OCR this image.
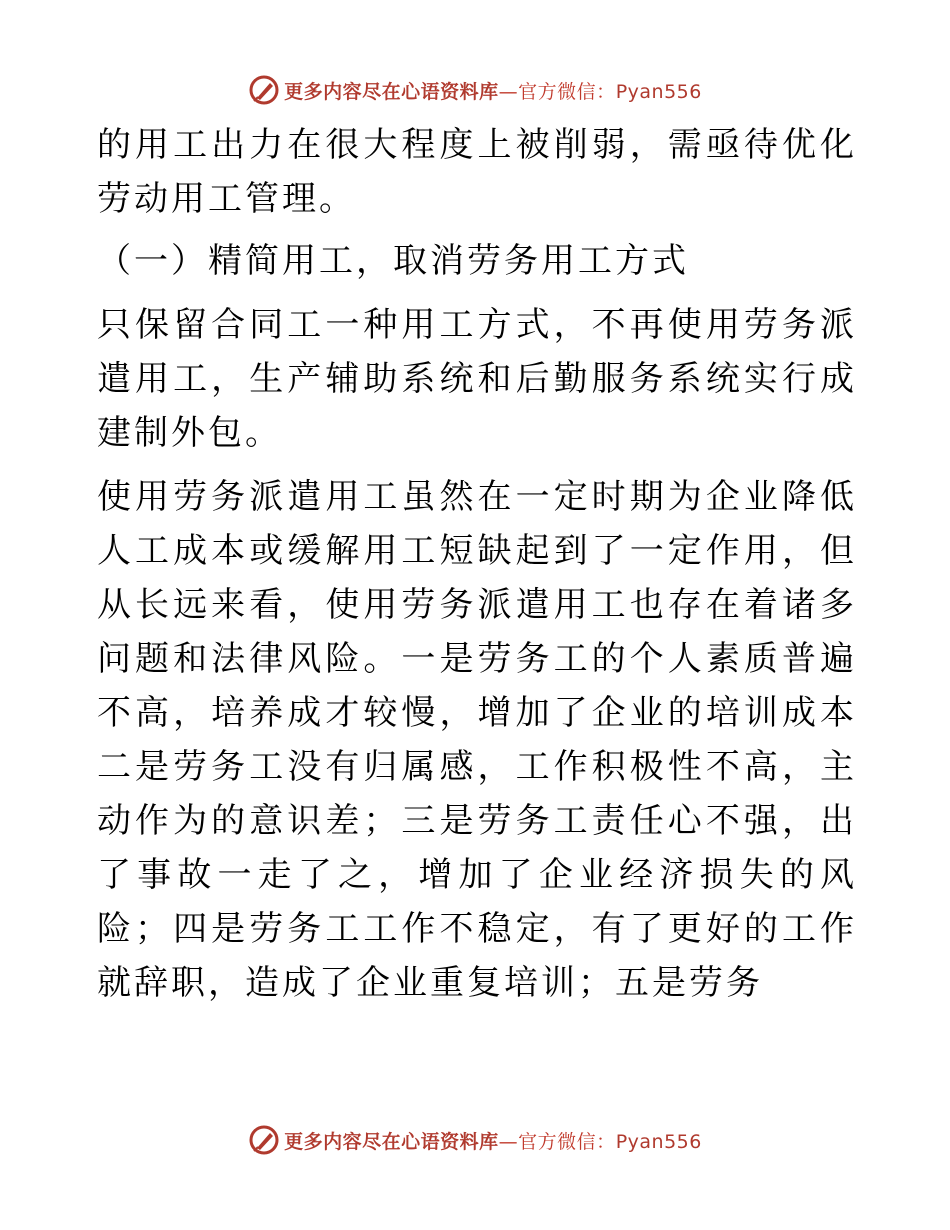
更多内容尽在心语资料库—官方微信：Pyan556

的用工出力在很大程度上被削弱，需亟待优化劳动用工管理。

（一）精简用工，取消劳务用工方式

只保留合同工一种用工方式，不再使用劳务派遣用工，生产辅助系统和后勤服务系统实行成建制外包。

使用劳务派遣用工虽然在一定时期为企业降低人工成本或缓解用工短缺起到了一定作用，但从长远来看，使用劳务派遣用工也存在着诸多问题和法律风险。一是劳务工的个人素质普遍不高，培养成才较慢，增加了企业的培训成本二是劳务工没有归属感，工作积极性不高，主动作为的意识差；三是劳务工责任心不强，出了事故一走了之，增加了企业经济损失的风险；四是劳务工工作不稳定，有了更好的工作就辞职，造成了企业重复培训；五是劳务

更多内容尽在心语资料库—官方微信：Pyan556
